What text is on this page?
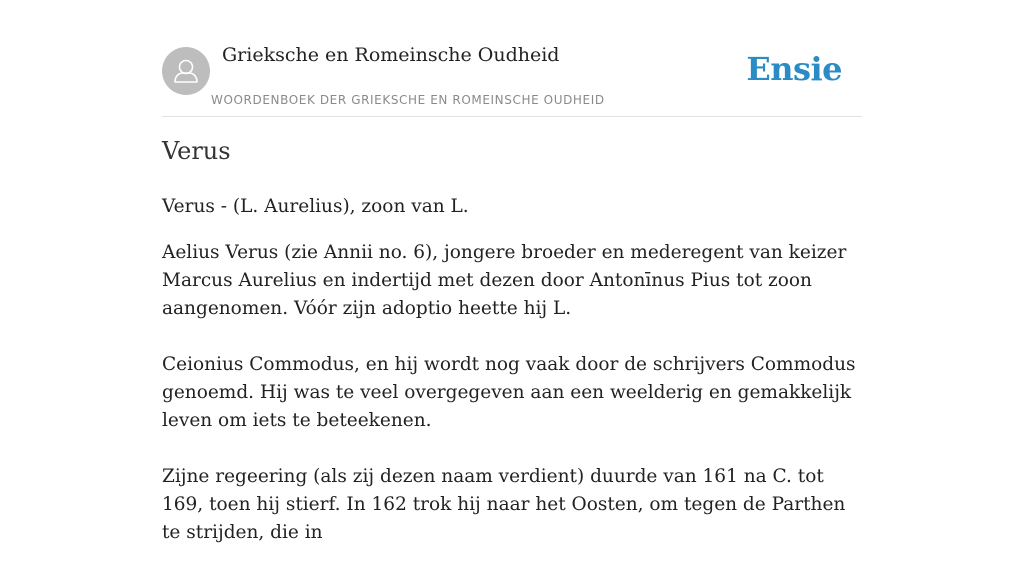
Grieksche en Romeinsche Oudheid
WOORDENBOEK DER GRIEKSCHE EN ROMEINSCHE OUDHEID
Ensie
Verus

Verus - (L. Aurelius), zoon van L.

Aelius Verus (zie Annii no. 6), jongere broeder en mederegent van keizer Marcus Aurelius en indertijd met dezen door Antonīnus Pius tot zoon aangenomen. Vóór zijn adoptio heette hij L.

Ceionius Commodus, en hij wordt nog vaak door de schrijvers Commodus genoemd. Hij was te veel overgegeven aan een weelderig en gemakkelijk leven om iets te beteekenen.

Zijne regeering (als zij dezen naam verdient) duurde van 161 na C. tot 169, toen hij stierf. In 162 trok hij naar het Oosten, om tegen de Parthen te strijden, die in
